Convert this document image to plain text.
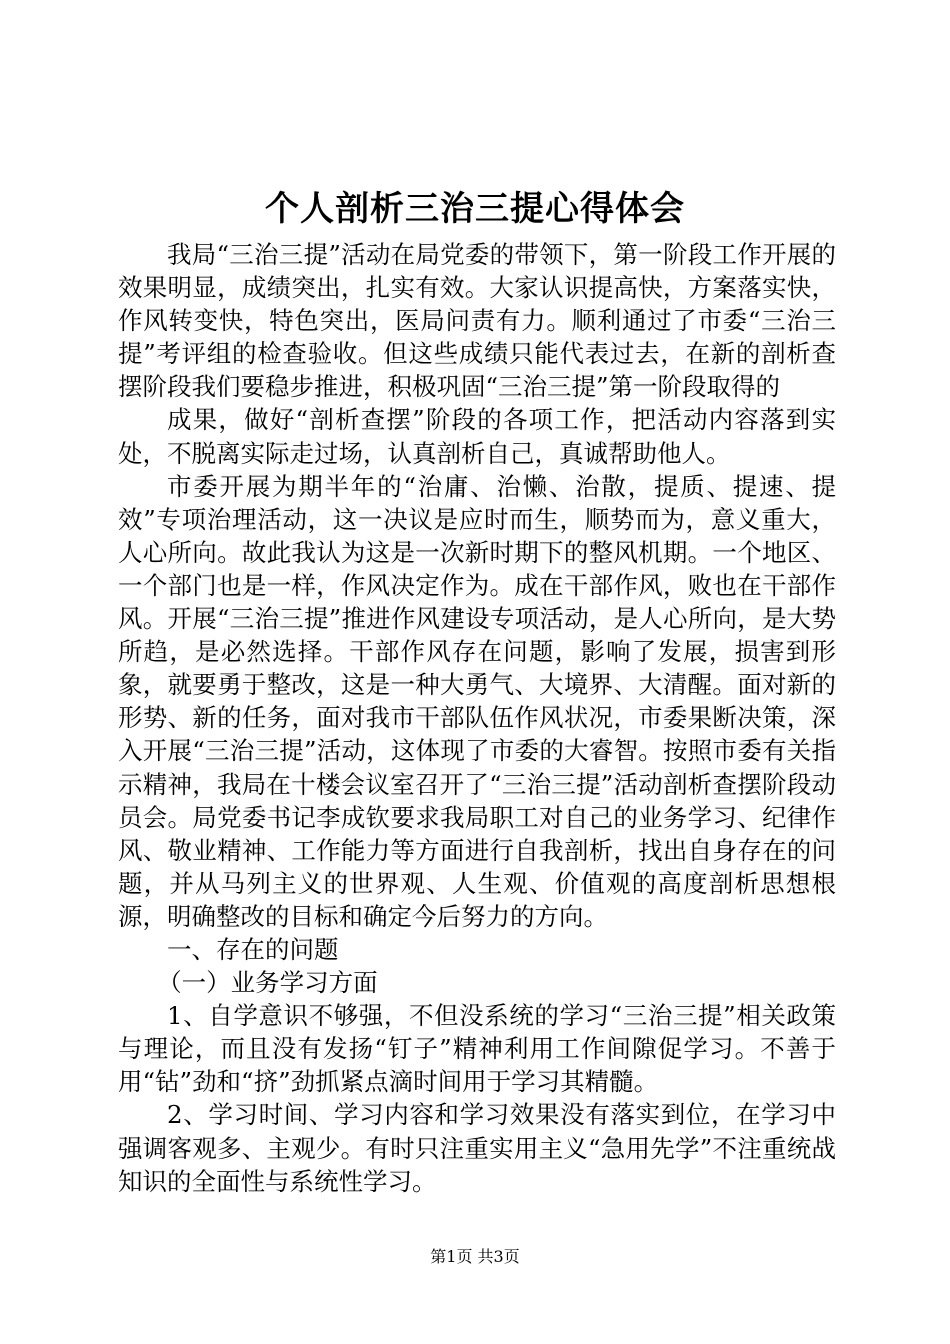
个人剖析三治三提心得体会

我局“三治三提”活动在局党委的带领下，第一阶段工作开展的效果明显，成绩突出，扎实有效。大家认识提高快，方案落实快，作风转变快，特色突出，医局问责有力。顺利通过了市委“三治三提”考评组的检查验收。但这些成绩只能代表过去，在新的剖析查摆阶段我们要稳步推进，积极巩固“三治三提”第一阶段取得的

成果，做好“剖析查摆”阶段的各项工作，把活动内容落到实处，不脱离实际走过场，认真剖析自己，真诚帮助他人。

市委开展为期半年的“治庸、治懒、治散，提质、提速、提效”专项治理活动，这一决议是应时而生，顺势而为，意义重大，人心所向。故此我认为这是一次新时期下的整风机期。一个地区、一个部门也是一样，作风决定作为。成在干部作风，败也在干部作风。开展“三治三提”推进作风建设专项活动，是人心所向，是大势所趋，是必然选择。干部作风存在问题，影响了发展，损害到形象，就要勇于整改，这是一种大勇气、大境界、大清醒。面对新的形势、新的任务，面对我市干部队伍作风状况，市委果断决策，深入开展“三治三提”活动，这体现了市委的大睿智。按照市委有关指示精神，我局在十楼会议室召开了“三治三提”活动剖析查摆阶段动员会。局党委书记李成钦要求我局职工对自己的业务学习、纪律作风、敬业精神、工作能力等方面进行自我剖析，找出自身存在的问题，并从马列主义的世界观、人生观、价值观的高度剖析思想根源，明确整改的目标和确定今后努力的方向。

一、存在的问题

（一）业务学习方面

1、自学意识不够强，不但没系统的学习“三治三提”相关政策与理论，而且没有发扬“钉子”精神利用工作间隙促学习。不善于用“钻”劲和“挤”劲抓紧点滴时间用于学习其精髓。

2、学习时间、学习内容和学习效果没有落实到位，在学习中强调客观多、主观少。有时只注重实用主义“急用先学”不注重统战知识的全面性与系统性学习。

第1页 共3页
